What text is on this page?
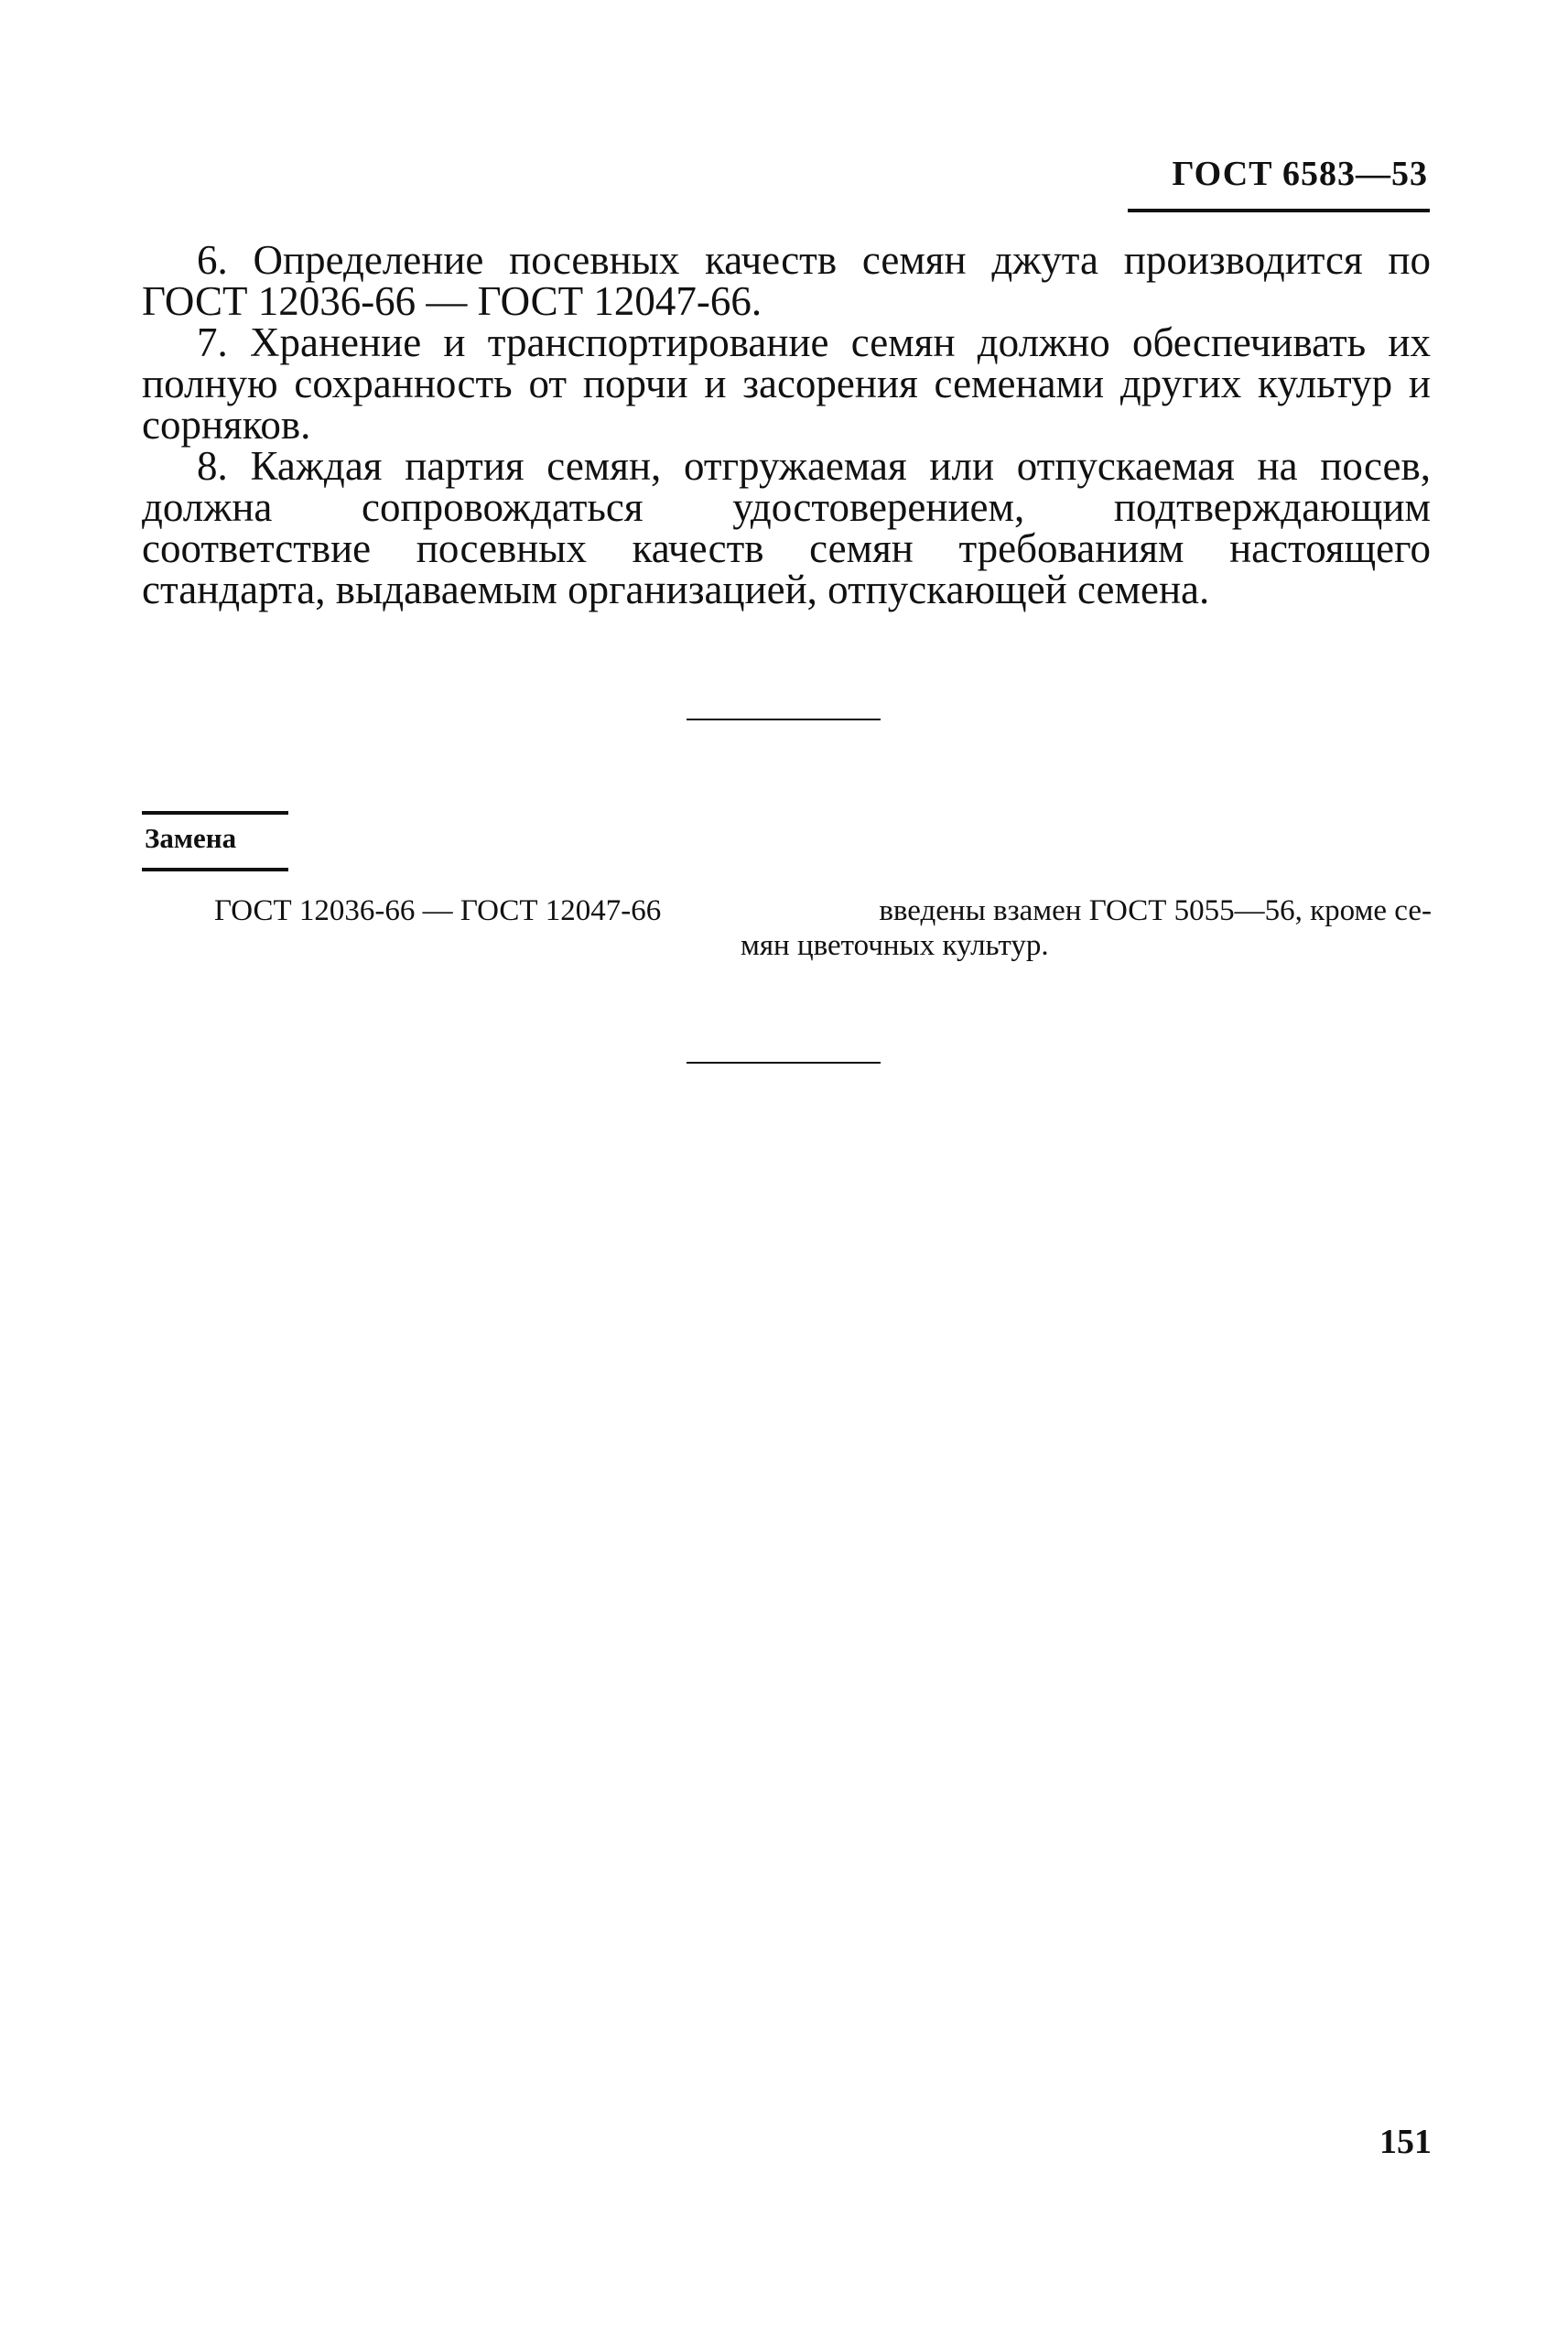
ГОСТ 6583—53

6. Определение посевных качеств семян джута производится по ГОСТ 12036-66 — ГОСТ 12047-66.

7. Хранение и транспортирование семян должно обеспечивать их полную сохранность от порчи и засорения семенами других культур и сорняков.

8. Каждая партия семян, отгружаемая или отпускаемая на посев, должна сопровождаться удостоверением, подтверждающим соответствие посевных качеств семян требованиям настоящего стандарта, выдаваемым организацией, отпускающей семена.

Замена
ГОСТ 12036-66 — ГОСТ 12047-66	введены взамен ГОСТ 5055—56, кроме се-
мян цветочных культур.
151
